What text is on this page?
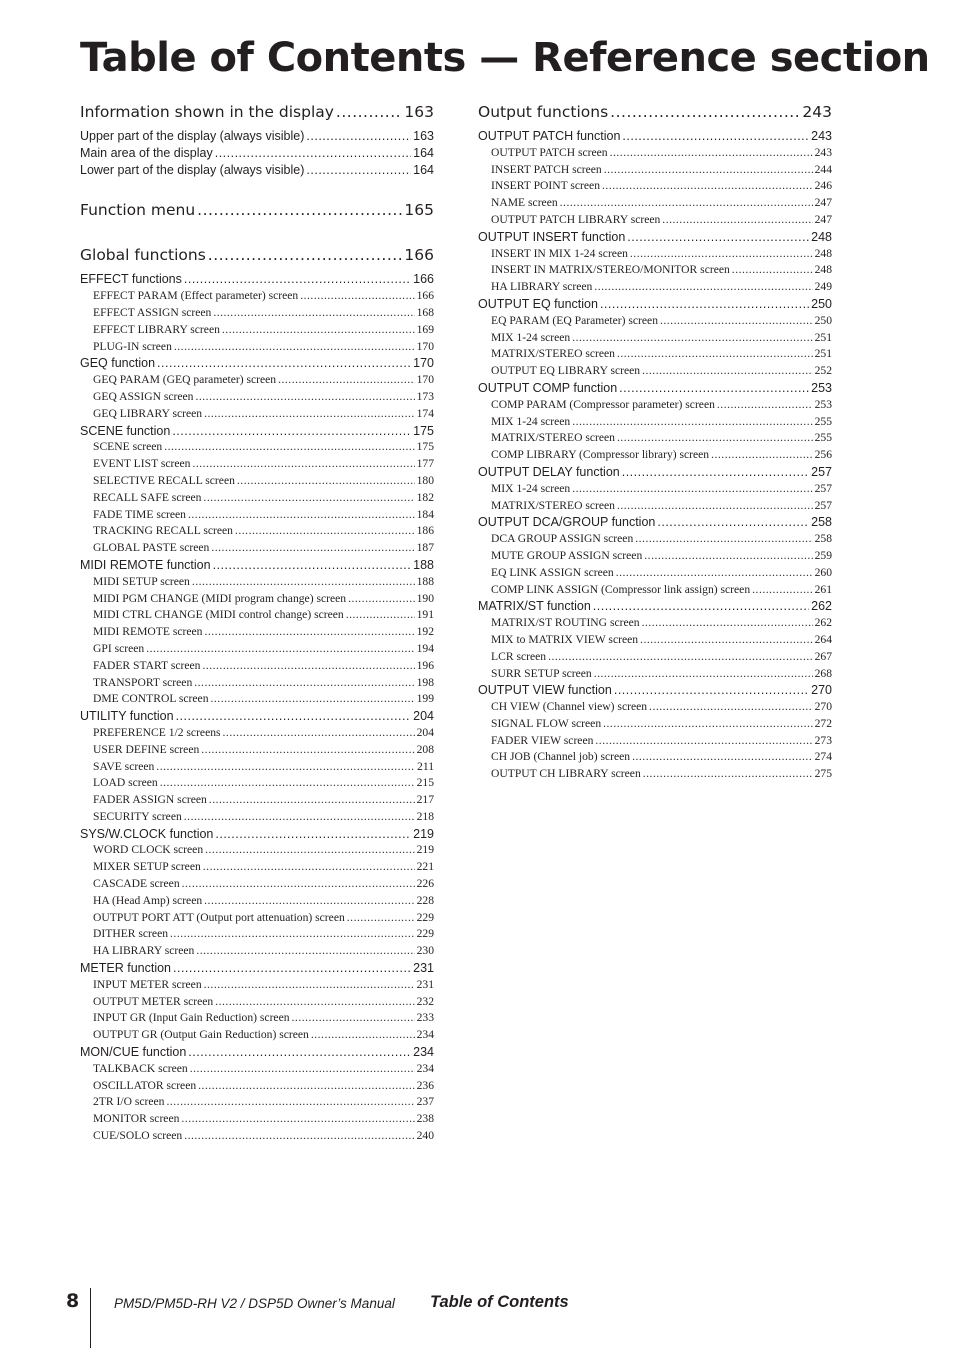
Table of Contents — Reference section
Information shown in the display .....	163
Upper part of the display (always visible) .....	163
Main area of the display .....	164
Lower part of the display (always visible) .....	164
Function menu .....	165
Global functions .....	166
EFFECT functions .....	166
EFFECT PARAM (Effect parameter) screen .....	166
EFFECT ASSIGN screen .....	168
EFFECT LIBRARY screen .....	169
PLUG-IN screen .....	170
GEQ function .....	170
GEQ PARAM (GEQ parameter) screen .....	170
GEQ ASSIGN screen .....	173
GEQ LIBRARY screen .....	174
SCENE function .....	175
SCENE screen .....	175
EVENT LIST screen .....	177
SELECTIVE RECALL screen .....	180
RECALL SAFE screen .....	182
FADE TIME screen .....	184
TRACKING RECALL screen .....	186
GLOBAL PASTE screen .....	187
MIDI REMOTE function .....	188
MIDI SETUP screen .....	188
MIDI PGM CHANGE (MIDI program change) screen .....	190
MIDI CTRL CHANGE (MIDI control change) screen .....	191
MIDI REMOTE screen .....	192
GPI screen .....	194
FADER START screen .....	196
TRANSPORT screen .....	198
DME CONTROL screen .....	199
UTILITY function .....	204
PREFERENCE 1/2 screens .....	204
USER DEFINE screen .....	208
SAVE screen .....	211
LOAD screen .....	215
FADER ASSIGN screen .....	217
SECURITY screen .....	218
SYS/W.CLOCK function .....	219
WORD CLOCK screen .....	219
MIXER SETUP screen .....	221
CASCADE screen .....	226
HA (Head Amp) screen .....	228
OUTPUT PORT ATT (Output port attenuation) screen .....	229
DITHER screen .....	229
HA LIBRARY screen .....	230
METER function .....	231
INPUT METER screen .....	231
OUTPUT METER screen .....	232
INPUT GR (Input Gain Reduction) screen .....	233
OUTPUT GR (Output Gain Reduction) screen .....	234
MON/CUE function .....	234
TALKBACK screen .....	234
OSCILLATOR screen .....	236
2TR I/O screen .....	237
MONITOR screen .....	238
CUE/SOLO screen .....	240
Output functions .....	243
OUTPUT PATCH function .....	243
OUTPUT PATCH screen .....	243
INSERT PATCH screen .....	244
INSERT POINT screen .....	246
NAME screen .....	247
OUTPUT PATCH LIBRARY screen .....	247
OUTPUT INSERT function .....	248
INSERT IN MIX 1-24 screen .....	248
INSERT IN MATRIX/STEREO/MONITOR screen .....	248
HA LIBRARY screen .....	249
OUTPUT EQ function .....	250
EQ PARAM (EQ Parameter) screen .....	250
MIX 1-24 screen .....	251
MATRIX/STEREO screen .....	251
OUTPUT EQ LIBRARY screen .....	252
OUTPUT COMP function .....	253
COMP PARAM (Compressor parameter) screen .....	253
MIX 1-24 screen .....	255
MATRIX/STEREO screen .....	255
COMP LIBRARY (Compressor library) screen .....	256
OUTPUT DELAY function .....	257
MIX 1-24 screen .....	257
MATRIX/STEREO screen .....	257
OUTPUT DCA/GROUP function .....	258
DCA GROUP ASSIGN screen .....	258
MUTE GROUP ASSIGN screen .....	259
EQ LINK ASSIGN screen .....	260
COMP LINK ASSIGN (Compressor link assign) screen .....	261
MATRIX/ST function .....	262
MATRIX/ST ROUTING screen .....	262
MIX to MATRIX VIEW screen .....	264
LCR screen .....	267
SURR SETUP screen .....	268
OUTPUT VIEW function .....	270
CH VIEW (Channel view) screen .....	270
SIGNAL FLOW screen .....	272
FADER VIEW screen .....	273
CH JOB (Channel job) screen .....	274
OUTPUT CH LIBRARY screen .....	275
8	PM5D/PM5D-RH V2 / DSP5D Owner’s Manual Table of Contents
